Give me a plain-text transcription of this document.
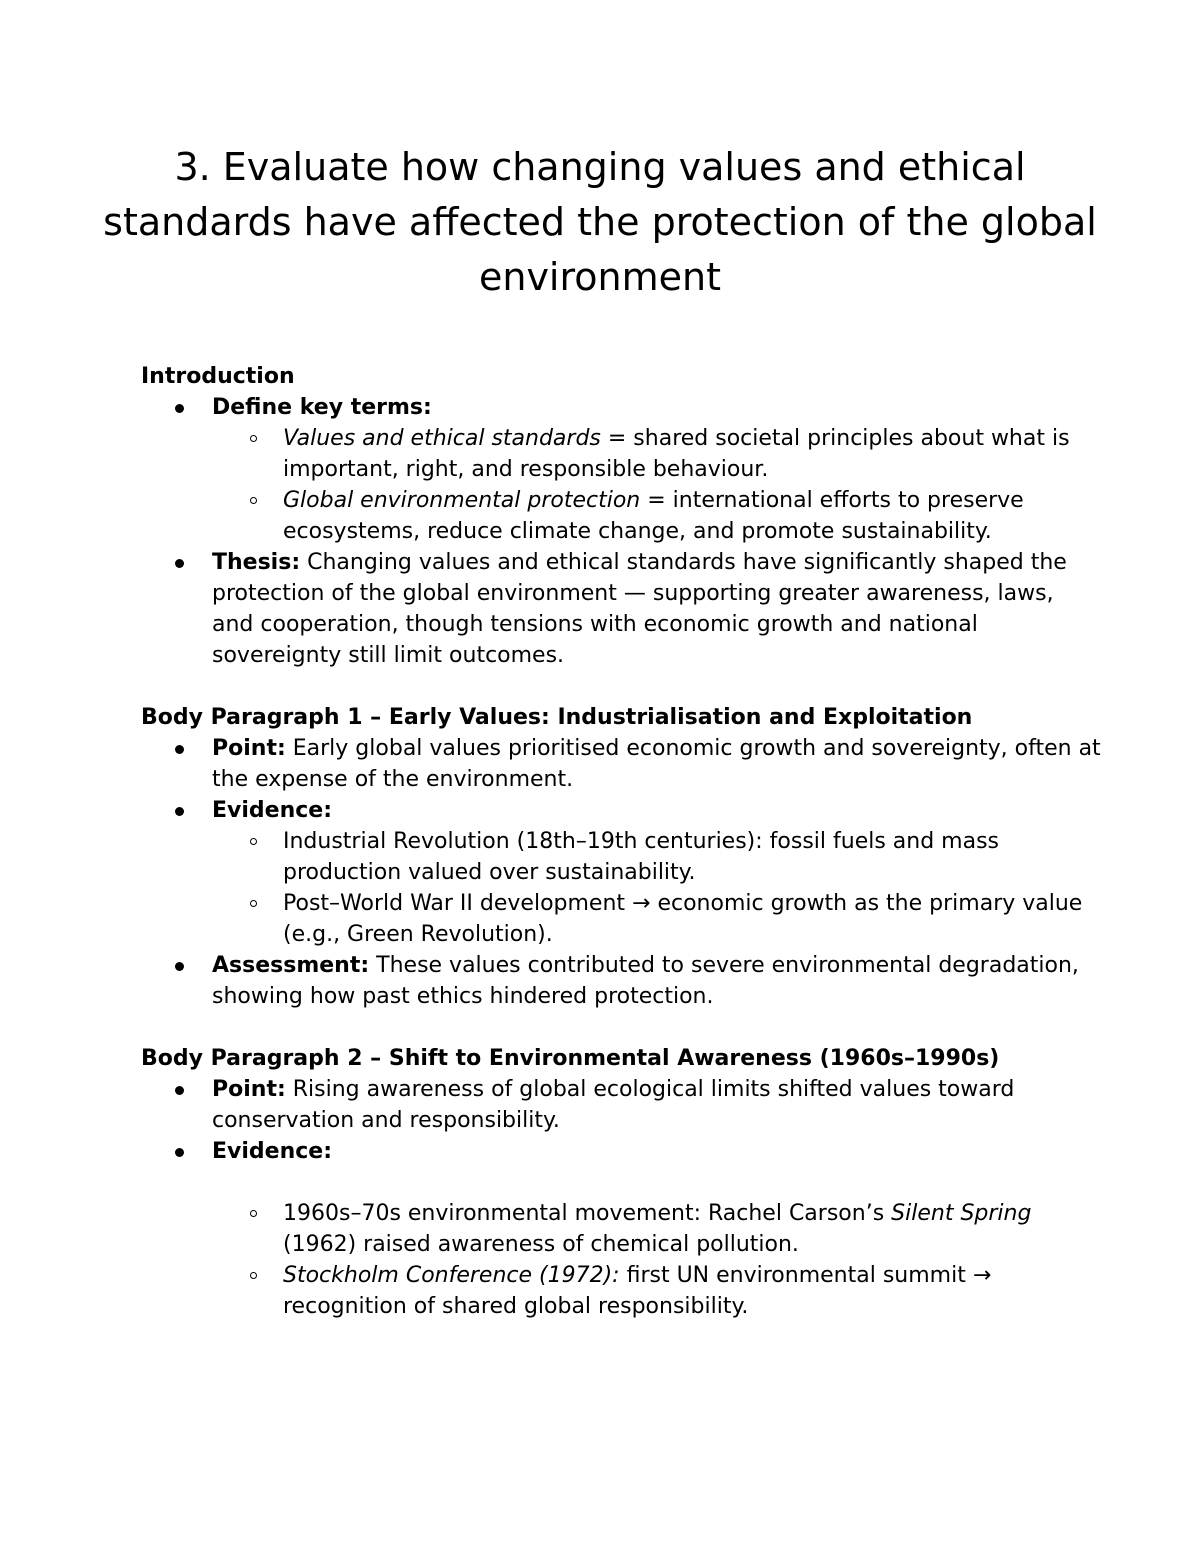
3. Evaluate how changing values and ethical standards have affected the protection of the global environment

Introduction

Define key terms:
Values and ethical standards = shared societal principles about what is important, right, and responsible behaviour.
Global environmental protection = international efforts to preserve ecosystems, reduce climate change, and promote sustainability.
Thesis: Changing values and ethical standards have significantly shaped the protection of the global environment — supporting greater awareness, laws, and cooperation, though tensions with economic growth and national sovereignty still limit outcomes.

Body Paragraph 1 – Early Values: Industrialisation and Exploitation

Point: Early global values prioritised economic growth and sovereignty, often at the expense of the environment.
Evidence:
Industrial Revolution (18th–19th centuries): fossil fuels and mass production valued over sustainability.
Post–World War II development → economic growth as the primary value (e.g., Green Revolution).
Assessment: These values contributed to severe environmental degradation, showing how past ethics hindered protection.

Body Paragraph 2 – Shift to Environmental Awareness (1960s–1990s)

Point: Rising awareness of global ecological limits shifted values toward conservation and responsibility.
Evidence:
1960s–70s environmental movement: Rachel Carson’s Silent Spring (1962) raised awareness of chemical pollution.
Stockholm Conference (1972): first UN environmental summit → recognition of shared global responsibility.
